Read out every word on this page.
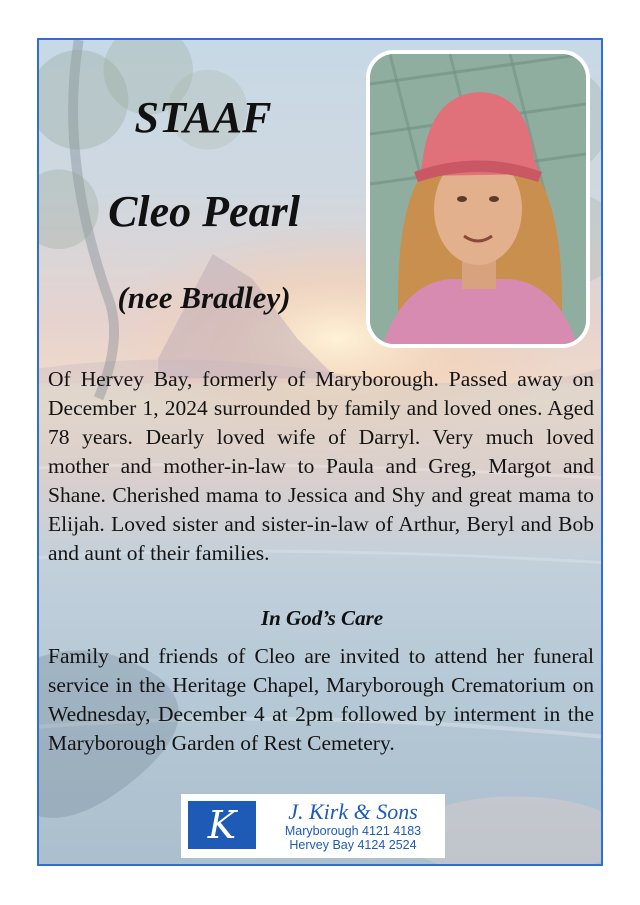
STAAF
Cleo Pearl
(nee Bradley)

Of Hervey Bay, formerly of Maryborough. Passed away on December 1, 2024 surrounded by family and loved ones. Aged 78 years. Dearly loved wife of Darryl. Very much loved mother and mother-in-law to Paula and Greg, Margot and Shane. Cherished mama to Jessica and Shy and great mama to Elijah. Loved sister and sister-in-law of Arthur, Beryl and Bob and aunt of their families.

In God’s Care

Family and friends of Cleo are invited to attend her funeral service in the Heritage Chapel, Maryborough Crematorium on Wednesday, December 4 at 2pm followed by interment in the Maryborough Garden of Rest Cemetery.

K	J. Kirk & Sons
Maryborough 4121 4183
Hervey Bay 4124 2524
